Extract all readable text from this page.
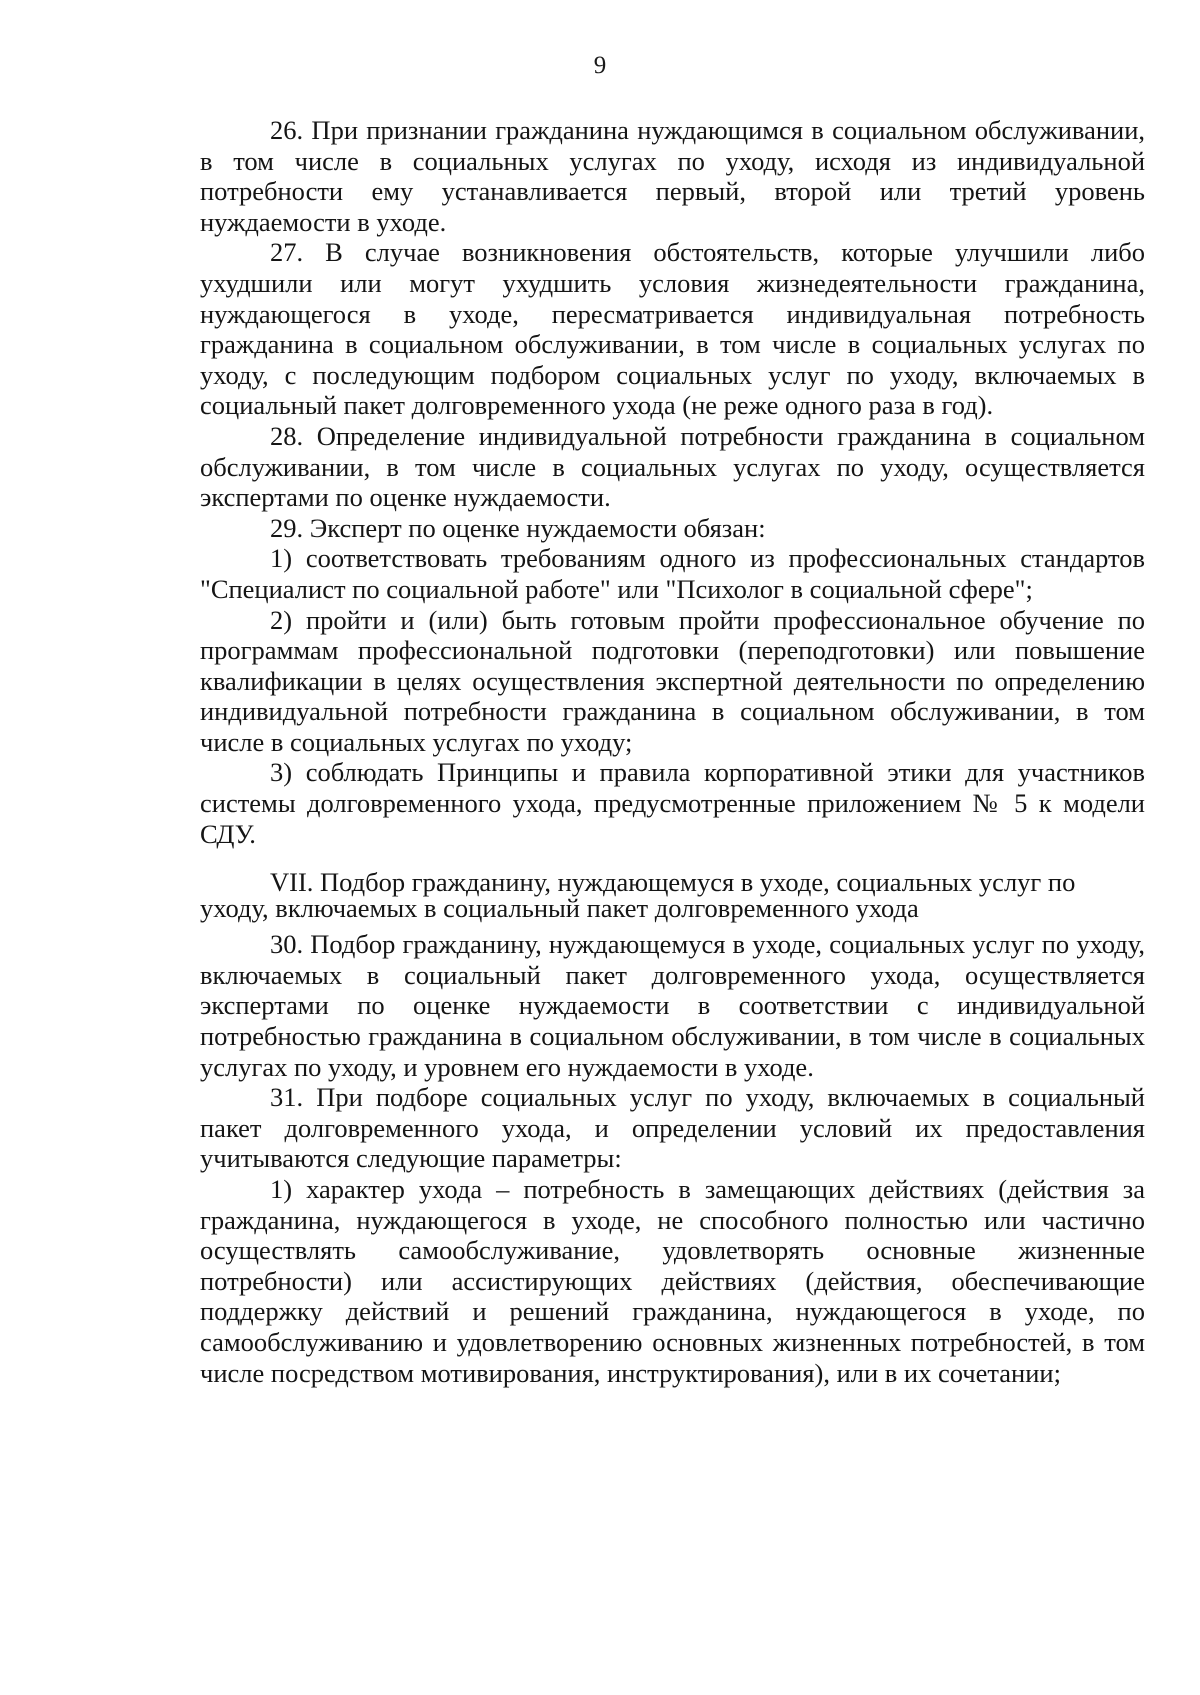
9

26. При признании гражданина нуждающимся в социальном обслуживании, в том числе в социальных услугах по уходу, исходя из индивидуальной потребности ему устанавливается первый, второй или третий уровень нуждаемости в уходе.

27. В случае возникновения обстоятельств, которые улучшили либо ухудшили или могут ухудшить условия жизнедеятельности гражданина, нуждающегося в уходе, пересматривается индивидуальная потребность гражданина в социальном обслуживании, в том числе в социальных услугах по уходу, с последующим подбором социальных услуг по уходу, включаемых в социальный пакет долговременного ухода (не реже одного раза в год).

28. Определение индивидуальной потребности гражданина в социальном обслуживании, в том числе в социальных услугах по уходу, осуществляется экспертами по оценке нуждаемости.

29. Эксперт по оценке нуждаемости обязан:

1) соответствовать требованиям одного из профессиональных стандартов "Специалист по социальной работе" или "Психолог в социальной сфере";

2) пройти и (или) быть готовым пройти профессиональное обучение по программам профессиональной подготовки (переподготовки) или повышение квалификации в целях осуществления экспертной деятельности по определению индивидуальной потребности гражданина в социальном обслуживании, в том числе в социальных услугах по уходу;

3) соблюдать Принципы и правила корпоративной этики для участников системы долговременного ухода, предусмотренные приложением № 5 к модели СДУ.

VII. Подбор гражданину, нуждающемуся в уходе, социальных услуг по уходу, включаемых в социальный пакет долговременного ухода

30. Подбор гражданину, нуждающемуся в уходе, социальных услуг по уходу, включаемых в социальный пакет долговременного ухода, осуществляется экспертами по оценке нуждаемости в соответствии с индивидуальной потребностью гражданина в социальном обслуживании, в том числе в социальных услугах по уходу, и уровнем его нуждаемости в уходе.

31. При подборе социальных услуг по уходу, включаемых в социальный пакет долговременного ухода, и определении условий их предоставления учитываются следующие параметры:

1) характер ухода – потребность в замещающих действиях (действия за гражданина, нуждающегося в уходе, не способного полностью или частично осуществлять самообслуживание, удовлетворять основные жизненные потребности) или ассистирующих действиях (действия, обеспечивающие поддержку действий и решений гражданина, нуждающегося в уходе, по самообслуживанию и удовлетворению основных жизненных потребностей, в том числе посредством мотивирования, инструктирования), или в их сочетании;
